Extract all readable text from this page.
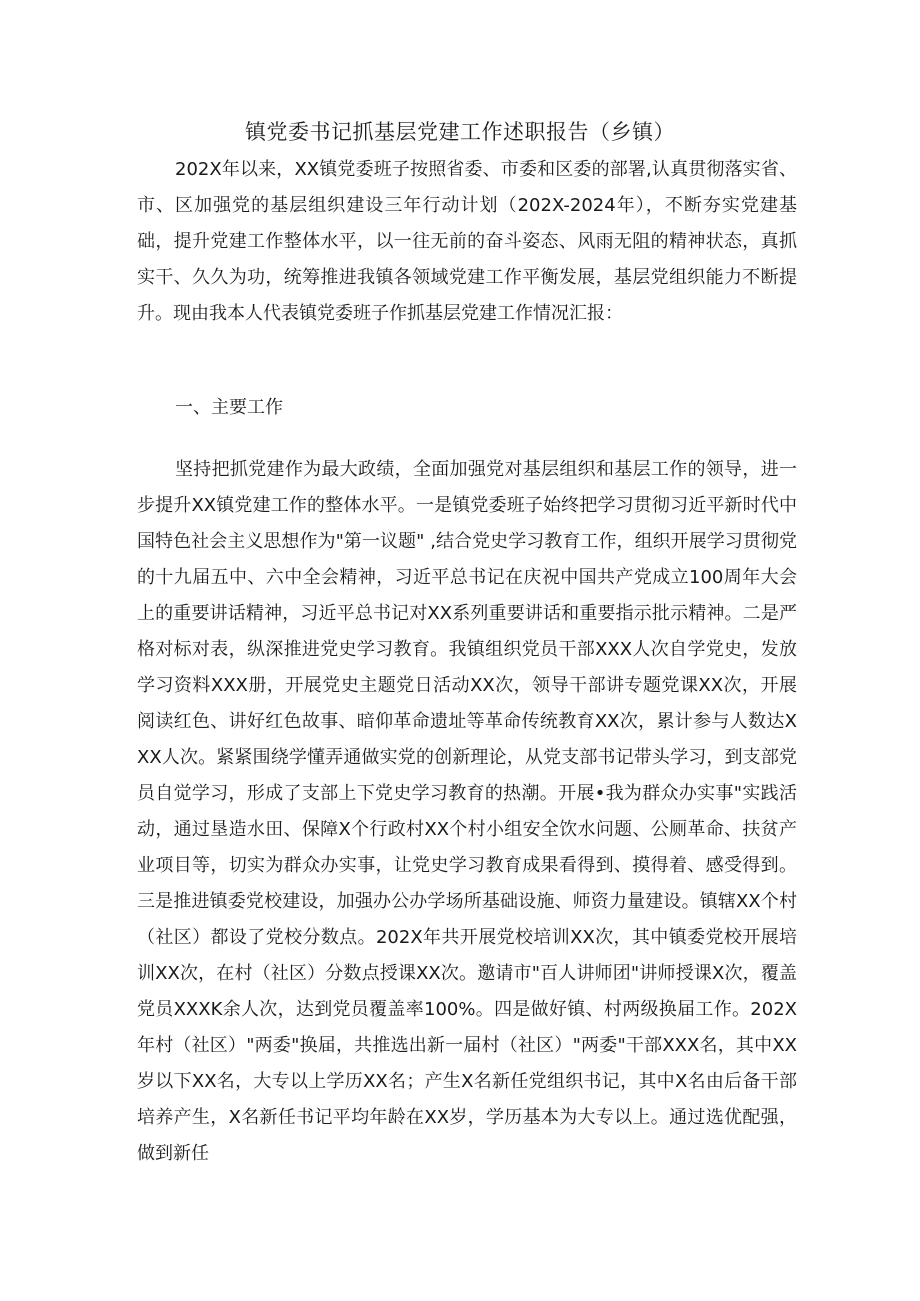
镇党委书记抓基层党建工作述职报告（乡镇）
202X年以来，XX镇党委班子按照省委、市委和区委的部署,认真贯彻落实省、市、区加强党的基层组织建设三年行动计划（202X-2024年），不断夯实党建基础，提升党建工作整体水平，以一往无前的奋斗姿态、风雨无阻的精神状态，真抓实干、久久为功，统筹推进我镇各领域党建工作平衡发展，基层党组织能力不断提升。现由我本人代表镇党委班子作抓基层党建工作情况汇报：
一、主要工作
坚持把抓党建作为最大政绩，全面加强党对基层组织和基层工作的领导，进一步提升XX镇党建工作的整体水平。一是镇党委班子始终把学习贯彻习近平新时代中国特色社会主义思想作为"第一议题" ,结合党史学习教育工作，组织开展学习贯彻党的十九届五中、六中全会精神，习近平总书记在庆祝中国共产党成立100周年大会上的重要讲话精神，习近平总书记对XX系列重要讲话和重要指示批示精神。二是严格对标对表，纵深推进党史学习教育。我镇组织党员干部XXX人次自学党史，发放学习资料XXX册，开展党史主题党日活动XX次，领导干部讲专题党课XX次，开展阅读红色、讲好红色故事、暗仰革命遗址等革命传统教育XX次，累计参与人数达XXX人次。紧紧围绕学懂弄通做实党的创新理论，从党支部书记带头学习，到支部党员自觉学习，形成了支部上下党史学习教育的热潮。开展•我为群众办实事"实践活动，通过垦造水田、保障X个行政村XX个村小组安全饮水问题、公厕革命、扶贫产业项目等，切实为群众办实事，让党史学习教育成果看得到、摸得着、感受得到。三是推进镇委党校建设，加强办公办学场所基础设施、师资力量建设。镇辖XX个村（社区）都设了党校分数点。202X年共开展党校培训XX次，其中镇委党校开展培训XX次，在村（社区）分数点授课XX次。邀请市"百人讲师团"讲师授课X次，覆盖党员XXXK余人次，达到党员覆盖率100%。四是做好镇、村两级换届工作。202X年村（社区）"两委"换届，共推选出新一届村（社区）"两委"干部XXX名，其中XX岁以下XX名，大专以上学历XX名；产生X名新任党组织书记，其中X名由后备干部培养产生，X名新任书记平均年龄在XX岁，学历基本为大专以上。通过选优配强，做到新任
